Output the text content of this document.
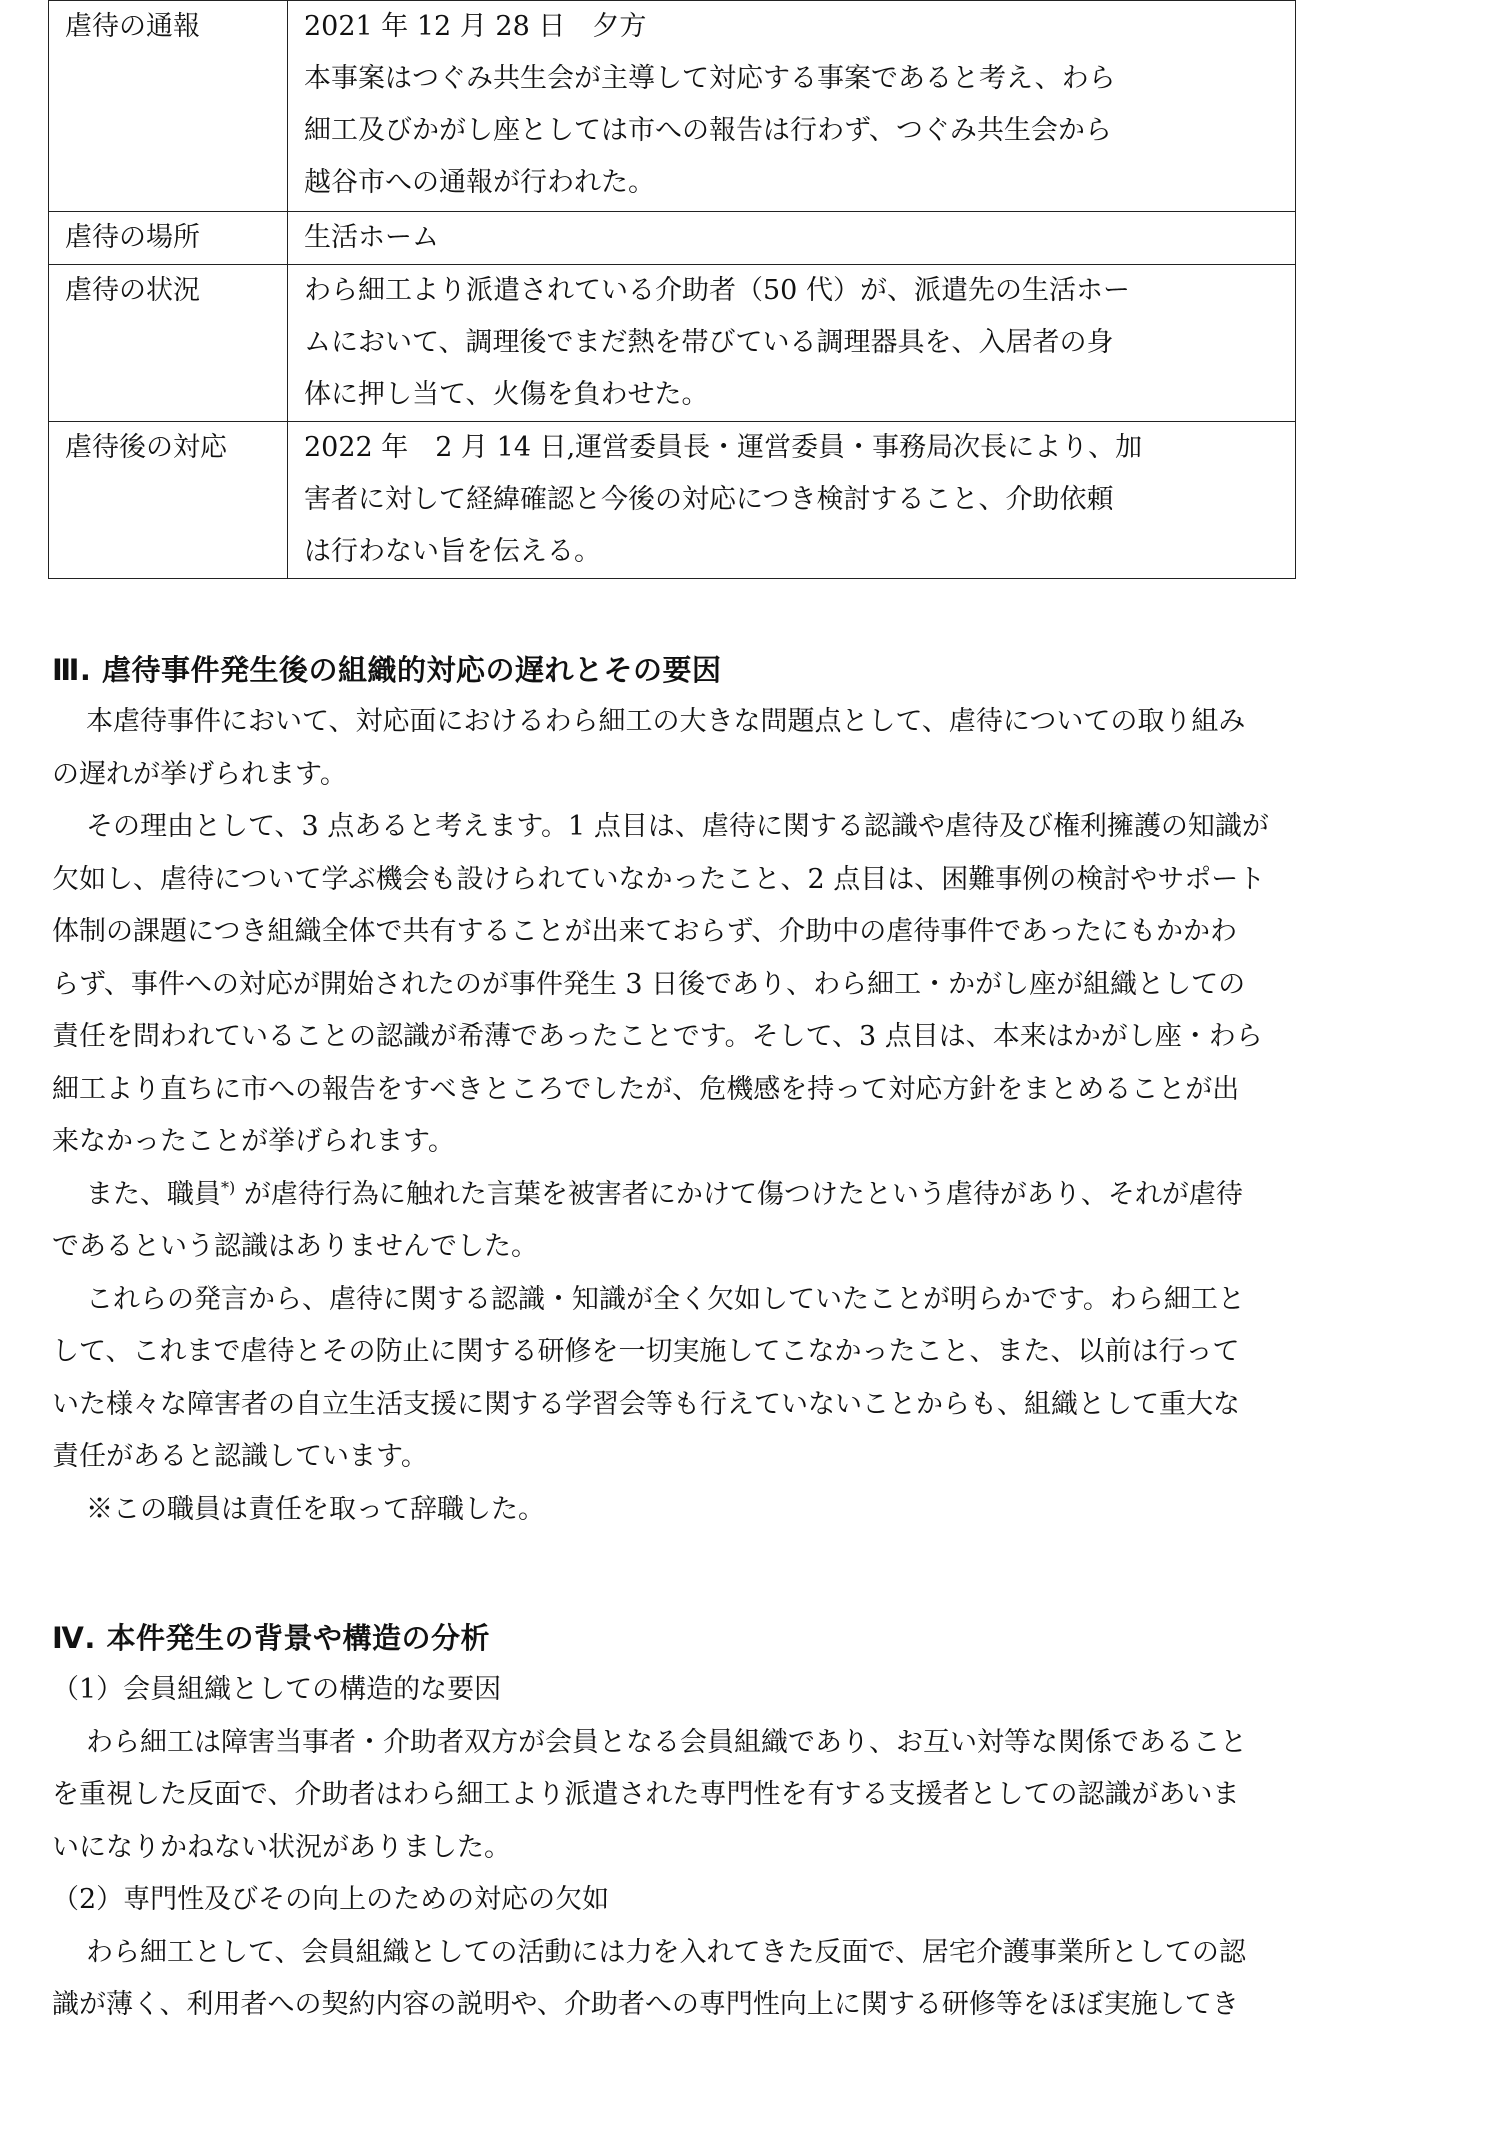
虐待の通報	2021 年 12 月 28 日　夕方
本事案はつぐみ共生会が主導して対応する事案であると考え、わら
細工及びかがし座としては市への報告は行わず、つぐみ共生会から
越谷市への通報が行われた。

虐待の場所	生活ホーム

虐待の状況	わら細工より派遣されている介助者（50 代）が、派遣先の生活ホー
ムにおいて、調理後でまだ熱を帯びている調理器具を、入居者の身
体に押し当て、火傷を負わせた。

虐待後の対応	2022 年　2 月 14 日,運営委員長・運営委員・事務局次長により、加
害者に対して経緯確認と今後の対応につき検討すること、介助依頼
は行わない旨を伝える。
Ⅲ. 虐待事件発生後の組織的対応の遅れとその要因
本虐待事件において、対応面におけるわら細工の大きな問題点として、虐待についての取り組み
の遅れが挙げられます。
その理由として、3 点あると考えます。1 点目は、虐待に関する認識や虐待及び権利擁護の知識が
欠如し、虐待について学ぶ機会も設けられていなかったこと、2 点目は、困難事例の検討やサポート
体制の課題につき組織全体で共有することが出来ておらず、介助中の虐待事件であったにもかかわ
らず、事件への対応が開始されたのが事件発生 3 日後であり、わら細工・かがし座が組織としての
責任を問われていることの認識が希薄であったことです。そして、3 点目は、本来はかがし座・わら
細工より直ちに市への報告をすべきところでしたが、危機感を持って対応方針をまとめることが出
来なかったことが挙げられます。
また、職員*) が虐待行為に触れた言葉を被害者にかけて傷つけたという虐待があり、それが虐待
であるという認識はありませんでした。
これらの発言から、虐待に関する認識・知識が全く欠如していたことが明らかです。わら細工と
して、これまで虐待とその防止に関する研修を一切実施してこなかったこと、また、以前は行って
いた様々な障害者の自立生活支援に関する学習会等も行えていないことからも、組織として重大な
責任があると認識しています。
※この職員は責任を取って辞職した。
Ⅳ. 本件発生の背景や構造の分析
（1）会員組織としての構造的な要因
わら細工は障害当事者・介助者双方が会員となる会員組織であり、お互い対等な関係であること
を重視した反面で、介助者はわら細工より派遣された専門性を有する支援者としての認識があいま
いになりかねない状況がありました。
（2）専門性及びその向上のための対応の欠如
わら細工として、会員組織としての活動には力を入れてきた反面で、居宅介護事業所としての認
識が薄く、利用者への契約内容の説明や、介助者への専門性向上に関する研修等をほぼ実施してき
